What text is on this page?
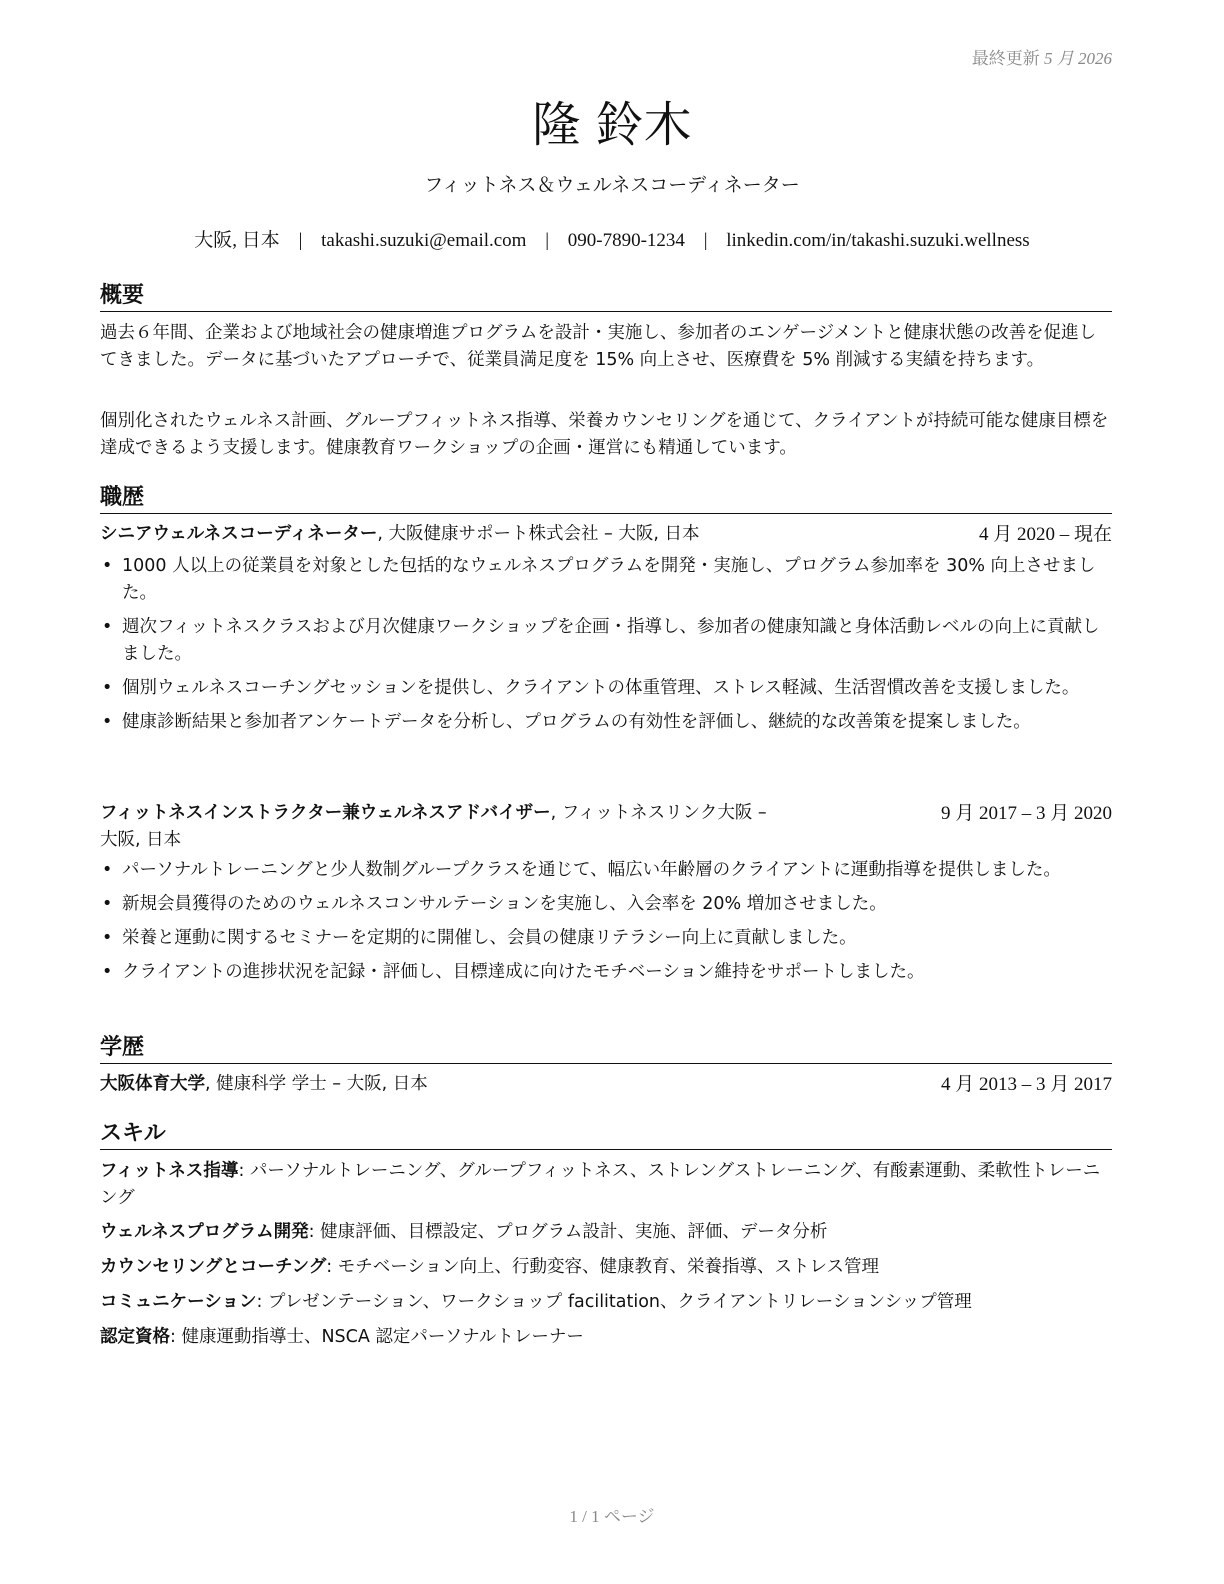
最終更新 5 月 2026
隆 鈴木
フィットネス＆ウェルネスコーディネーター
大阪, 日本 | takashi.suzuki@email.com | 090-7890-1234 | linkedin.com/in/takashi.suzuki.wellness
概要
過去６年間、企業および地域社会の健康増進プログラムを設計・実施し、参加者のエンゲージメントと健康状態の改善を促進してきました。データに基づいたアプローチで、従業員満足度を 15% 向上させ、医療費を 5% 削減する実績を持ちます。
個別化されたウェルネス計画、グループフィットネス指導、栄養カウンセリングを通じて、クライアントが持続可能な健康目標を達成できるよう支援します。健康教育ワークショップの企画・運営にも精通しています。
職歴
シニアウェルネスコーディネーター, 大阪健康サポート株式会社 – 大阪, 日本	4 月 2020 – 現在
• 1000 人以上の従業員を対象とした包括的なウェルネスプログラムを開発・実施し、プログラム参加率を 30% 向上させました。
• 週次フィットネスクラスおよび月次健康ワークショップを企画・指導し、参加者の健康知識と身体活動レベルの向上に貢献しました。
• 個別ウェルネスコーチングセッションを提供し、クライアントの体重管理、ストレス軽減、生活習慣改善を支援しました。
• 健康診断結果と参加者アンケートデータを分析し、プログラムの有効性を評価し、継続的な改善策を提案しました。
フィットネスインストラクター兼ウェルネスアドバイザー, フィットネスリンク大阪 –
大阪, 日本
9 月 2017 – 3 月 2020
• パーソナルトレーニングと少人数制グループクラスを通じて、幅広い年齢層のクライアントに運動指導を提供しました。
• 新規会員獲得のためのウェルネスコンサルテーションを実施し、入会率を 20% 増加させました。
• 栄養と運動に関するセミナーを定期的に開催し、会員の健康リテラシー向上に貢献しました。
• クライアントの進捗状況を記録・評価し、目標達成に向けたモチベーション維持をサポートしました。
学歴
大阪体育大学, 健康科学 学士 – 大阪, 日本	4 月 2013 – 3 月 2017
スキル
フィットネス指導: パーソナルトレーニング、グループフィットネス、ストレングストレーニング、有酸素運動、柔軟性トレーニング
ウェルネスプログラム開発: 健康評価、目標設定、プログラム設計、実施、評価、データ分析
カウンセリングとコーチング: モチベーション向上、行動変容、健康教育、栄養指導、ストレス管理
コミュニケーション: プレゼンテーション、ワークショップ facilitation、クライアントリレーションシップ管理
認定資格: 健康運動指導士、NSCA 認定パーソナルトレーナー
1 / 1 ページ
